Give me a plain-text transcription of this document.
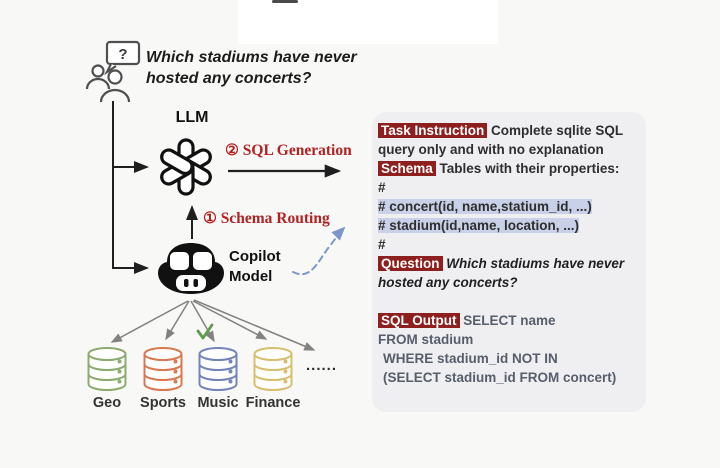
? Which stadiums have never
hosted any concerts?
LLM
② SQL Generation
① Schema Routing
Copilot
Model
Geo	Sports Music Finance
......
Task Instruction Complete sqlite SQL
query only and with no explanation
Schema Tables with their properties:
#
# concert(id, name,statium_id, ...)
# stadium(id,name, location, ...)
#
Question Which stadiums have never
hosted any concerts?
SQL Output SELECT name
FROM stadium
WHERE stadium_id NOT IN
(SELECT stadium_id FROM concert)
